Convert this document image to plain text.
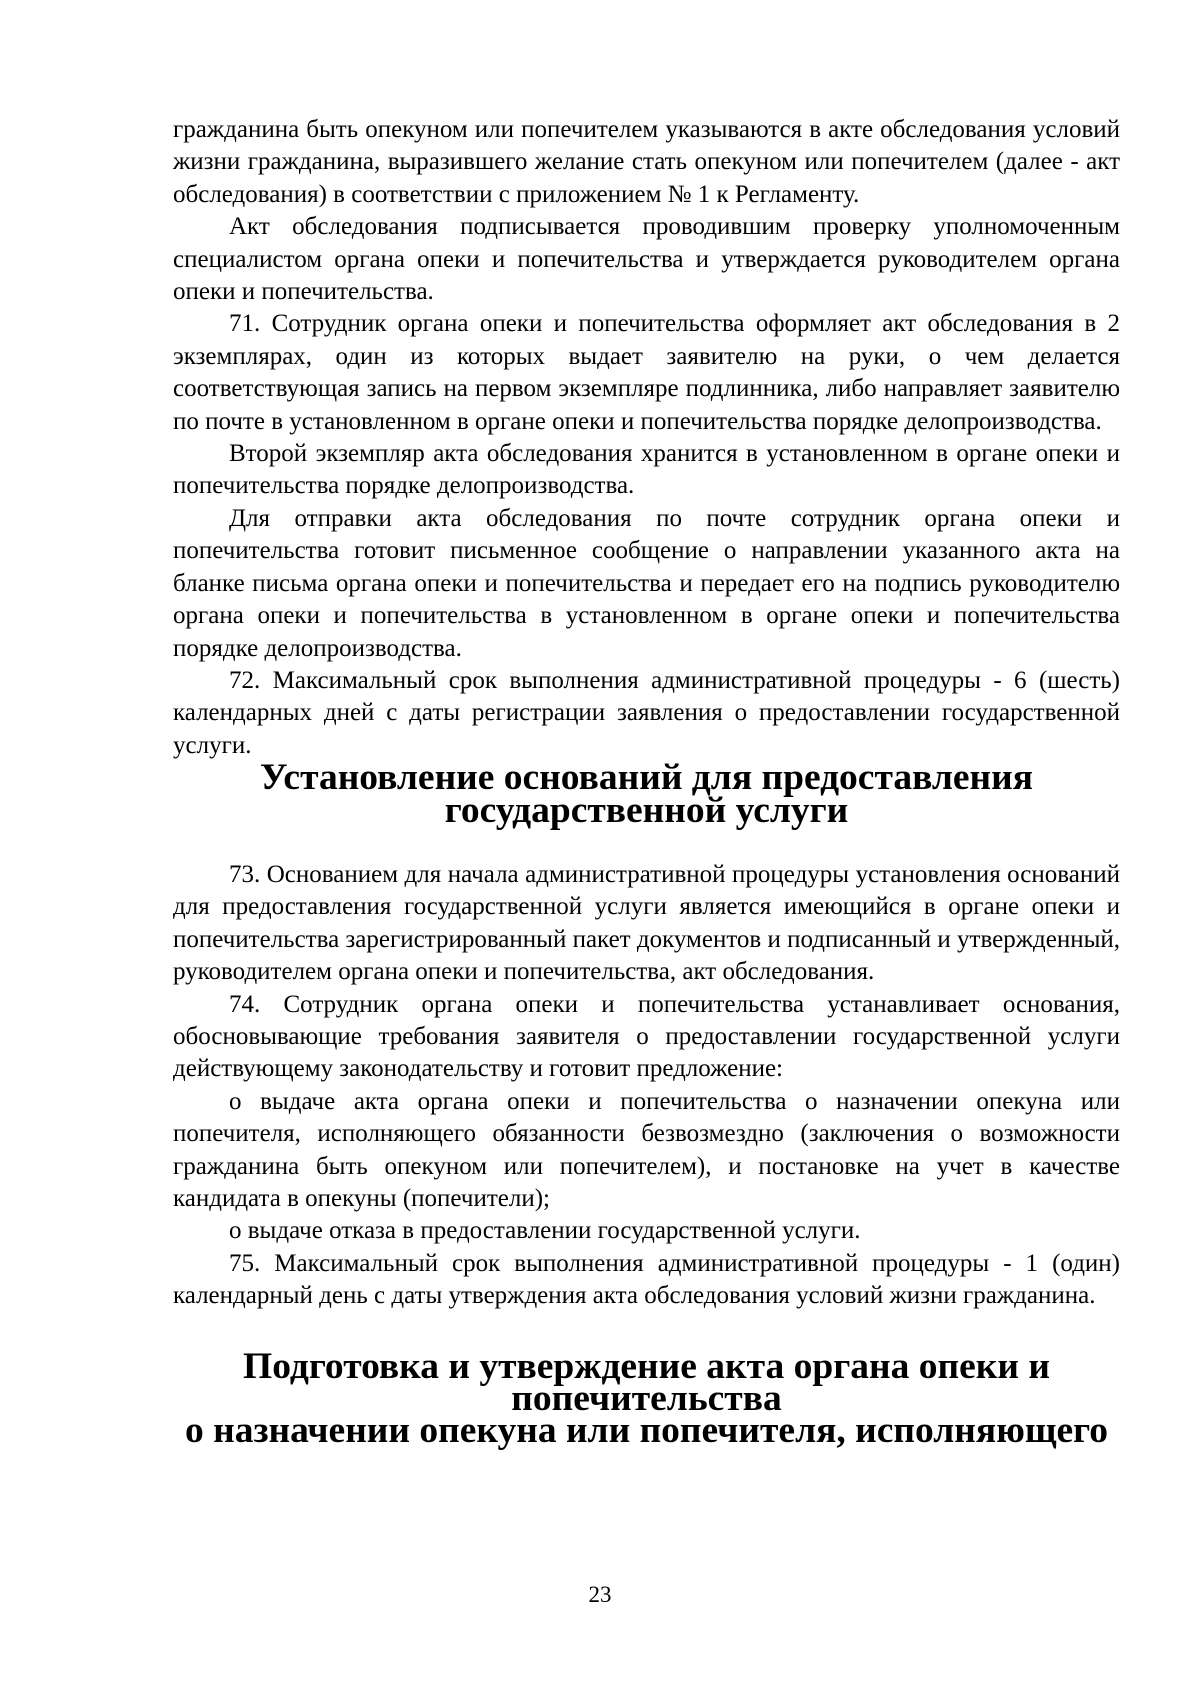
гражданина быть опекуном или попечителем указываются в акте обследования условий жизни гражданина, выразившего желание стать опекуном или попечителем (далее - акт обследования) в соответствии с приложением № 1 к Регламенту.

Акт обследования подписывается проводившим проверку уполномоченным специалистом органа опеки и попечительства и утверждается руководителем органа опеки и попечительства.

71. Сотрудник органа опеки и попечительства оформляет акт обследования в 2 экземплярах, один из которых выдает заявителю на руки, о чем делается соответствующая запись на первом экземпляре подлинника, либо направляет заявителю по почте в установленном в органе опеки и попечительства порядке делопроизводства.

Второй экземпляр акта обследования хранится в установленном в органе опеки и попечительства порядке делопроизводства.

Для отправки акта обследования по почте сотрудник органа опеки и попечительства готовит письменное сообщение о направлении указанного акта на бланке письма органа опеки и попечительства и передает его на подпись руководителю органа опеки и попечительства в установленном в органе опеки и попечительства порядке делопроизводства.

72. Максимальный срок выполнения административной процедуры - 6 (шесть) календарных дней с даты регистрации заявления о предоставлении государственной услуги.

Установление оснований для предоставления
государственной услуги

73. Основанием для начала административной процедуры установления оснований для предоставления государственной услуги является имеющийся в органе опеки и попечительства зарегистрированный пакет документов и подписанный и утвержденный, руководителем органа опеки и попечительства, акт обследования.

74. Сотрудник органа опеки и попечительства устанавливает основания, обосновывающие требования заявителя о предоставлении государственной услуги действующему законодательству и готовит предложение:

о выдаче акта органа опеки и попечительства о назначении опекуна или попечителя, исполняющего обязанности безвозмездно (заключения о возможности гражданина быть опекуном или попечителем), и постановке на учет в качестве кандидата в опекуны (попечители);

о выдаче отказа в предоставлении государственной услуги.

75. Максимальный срок выполнения административной процедуры - 1 (один) календарный день с даты утверждения акта обследования условий жизни гражданина.

Подготовка и утверждение акта органа опеки и попечительства
о назначении опекуна или попечителя, исполняющего
23
